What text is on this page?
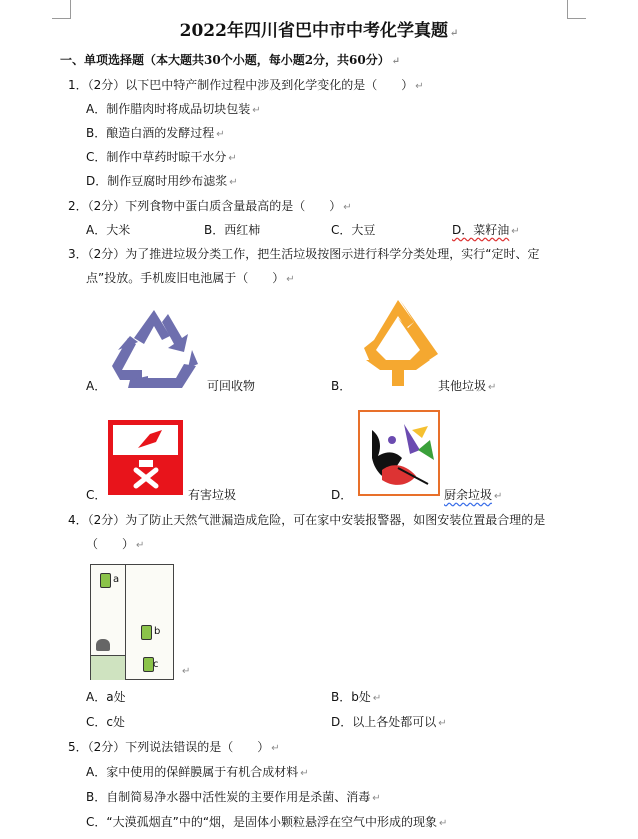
2022年四川省巴中市中考化学真题 ↵
一、单项选择题（本大题共30个小题，每小题2分，共60分） ↵
1．（2分）以下巴中特产制作过程中涉及到化学变化的是（　　） ↵
A．制作腊肉时将成品切块包装 ↵
B．酿造白酒的发酵过程 ↵
C．制作中草药时晾干水分 ↵
D．制作豆腐时用纱布滤浆 ↵
2．（2分）下列食物中蛋白质含量最高的是（　　） ↵
A．大米	B．西红柿	C．大豆	D．菜籽油 ↵
3．（2分）为了推进垃圾分类工作，把生活垃圾按图示进行科学分类处理，实行“定时、定
点”投放。手机废旧电池属于（　　） ↵
A．	可回收物	B．	其他垃圾 ↵
C．	有害垃圾	D．	厨余垃圾 ↵
4．（2分）为了防止天然气泄漏造成危险，可在家中安装报警器，如图安装位置最合理的是
（　　） ↵
a
b
c
↵
A．a处	B．b处 ↵
C．c处	D．以上各处都可以 ↵
5．（2分）下列说法错误的是（　　） ↵
A．家中使用的保鲜膜属于有机合成材料 ↵
B．自制简易净水器中活性炭的主要作用是杀菌、消毒 ↵
C．“大漠孤烟直”中的“烟，是固体小颗粒悬浮在空气中形成的现象 ↵
